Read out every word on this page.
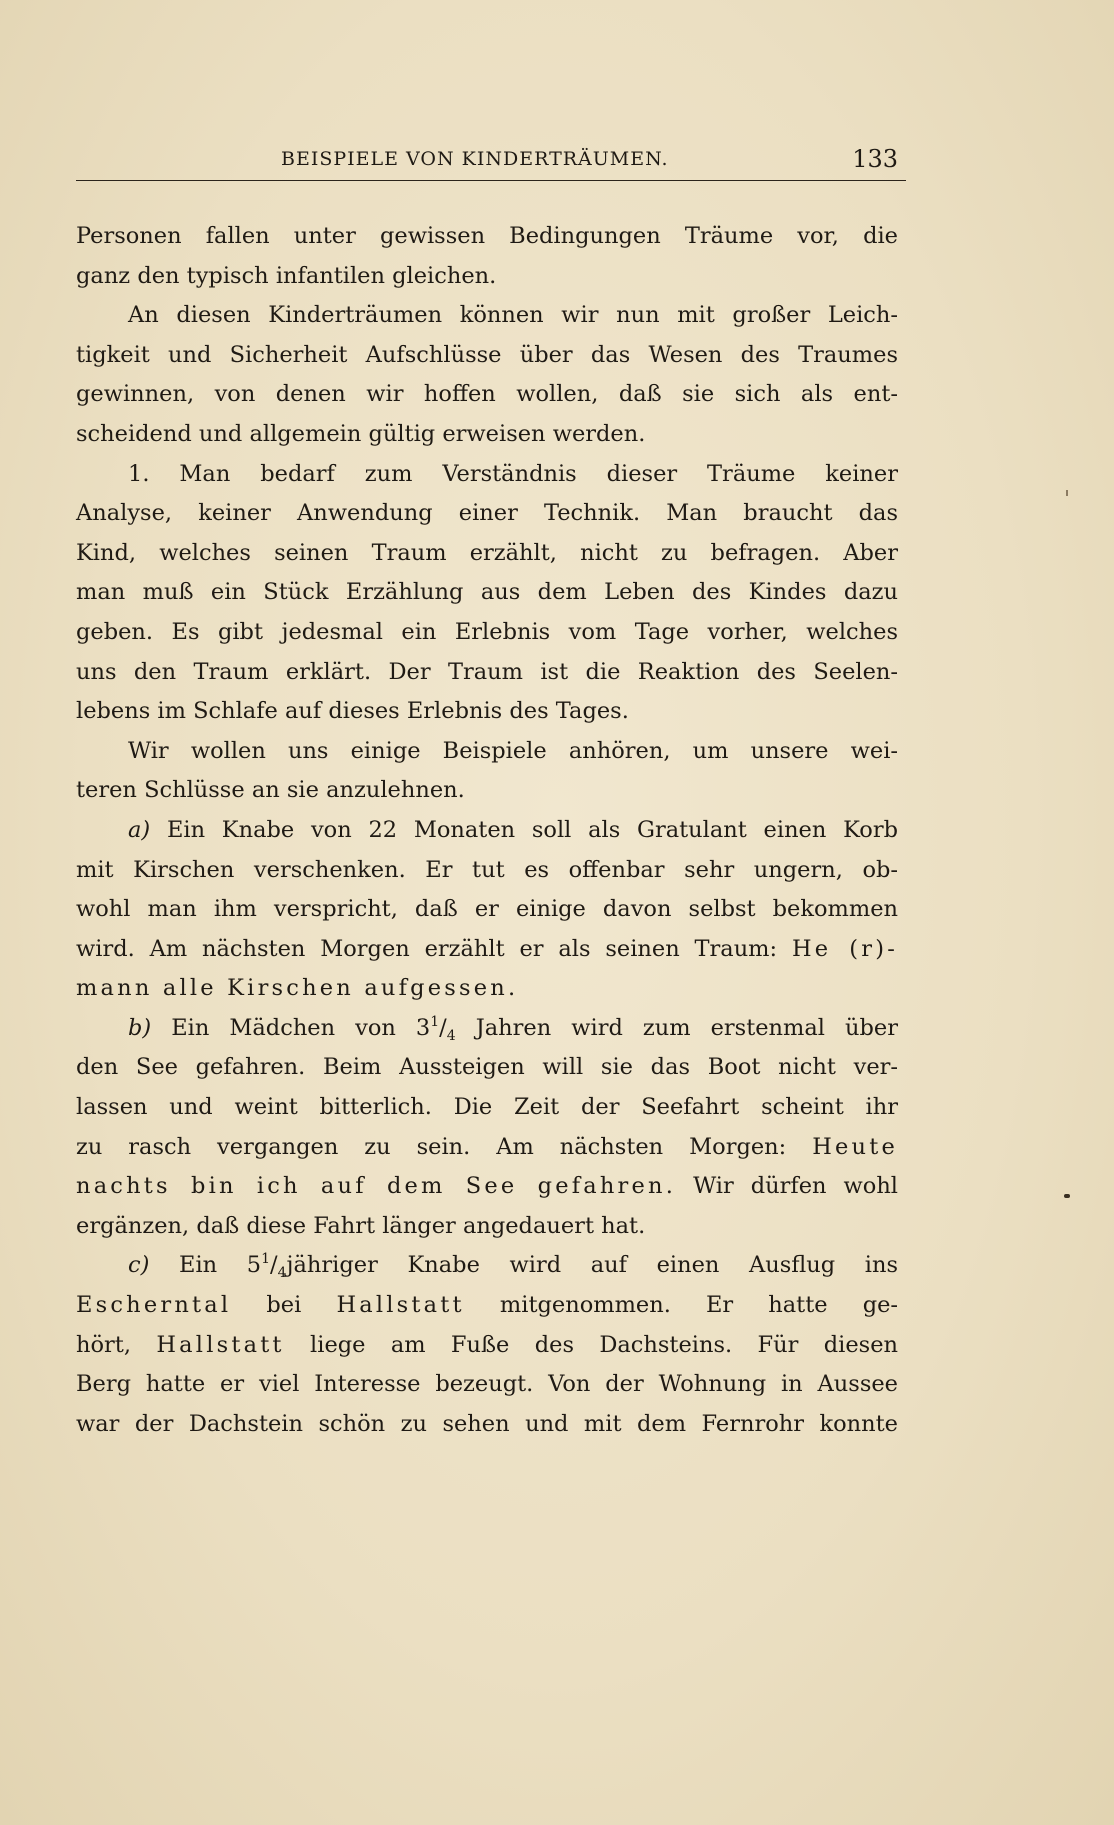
BEISPIELE VON KINDERTRÄUMEN.	133
Personen fallen unter gewissen Bedingungen Träume vor, die
ganz den typisch infantilen gleichen.
An diesen Kinderträumen können wir nun mit großer Leich-
tigkeit und Sicherheit Aufschlüsse über das Wesen des Traumes
gewinnen, von denen wir hoffen wollen, daß sie sich als ent-
scheidend und allgemein gültig erweisen werden.
1. Man bedarf zum Verständnis dieser Träume keiner
Analyse, keiner Anwendung einer Technik. Man braucht das
Kind, welches seinen Traum erzählt, nicht zu befragen. Aber
man muß ein Stück Erzählung aus dem Leben des Kindes dazu
geben. Es gibt jedesmal ein Erlebnis vom Tage vorher, welches
uns den Traum erklärt. Der Traum ist die Reaktion des Seelen-
lebens im Schlafe auf dieses Erlebnis des Tages.
Wir wollen uns einige Beispiele anhören, um unsere wei-
teren Schlüsse an sie anzulehnen.
a) Ein Knabe von 22 Monaten soll als Gratulant einen Korb
mit Kirschen verschenken. Er tut es offenbar sehr ungern, ob-
wohl man ihm verspricht, daß er einige davon selbst bekommen
wird. Am nächsten Morgen erzählt er als seinen Traum: He (r)-
mann alle Kirschen aufgessen.
b) Ein Mädchen von $3^1/_4$ Jahren wird zum erstenmal über
den See gefahren. Beim Aussteigen will sie das Boot nicht ver-
lassen und weint bitterlich. Die Zeit der Seefahrt scheint ihr
zu rasch vergangen zu sein. Am nächsten Morgen: Heute
nachts bin ich auf dem See gefahren. Wir dürfen wohl
ergänzen, daß diese Fahrt länger angedauert hat.
c) Ein $5^1/_4jähriger$ Knabe wird auf einen Ausflug ins
Escherntal bei Hallstatt mitgenommen. Er hatte ge-
hört, Hallstatt liege am Fuße des Dachsteins. Für diesen
Berg hatte er viel Interesse bezeugt. Von der Wohnung in Aussee
war der Dachstein schön zu sehen und mit dem Fernrohr konnte
